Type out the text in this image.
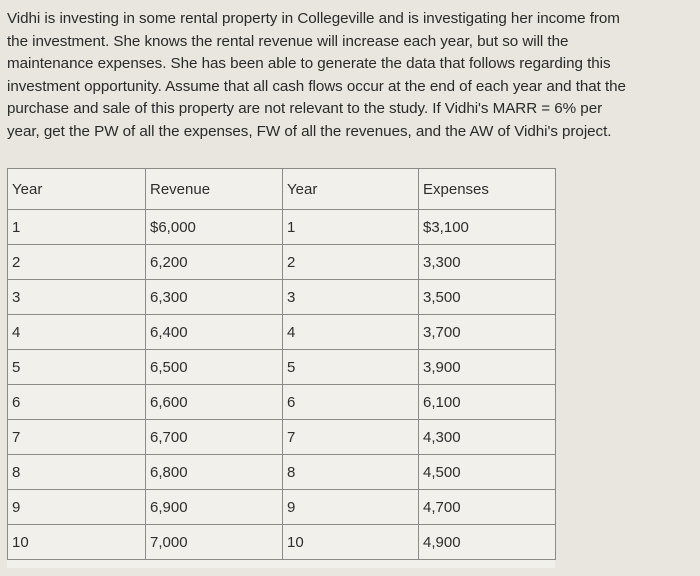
Vidhi is investing in some rental property in Collegeville and is investigating her income from
the investment. She knows the rental revenue will increase each year, but so will the
maintenance expenses. She has been able to generate the data that follows regarding this
investment opportunity. Assume that all cash flows occur at the end of each year and that the
purchase and sale of this property are not relevant to the study. If Vidhi's MARR = 6% per
year, get the PW of all the expenses, FW of all the revenues, and the AW of Vidhi's project.
Year	Revenue	Year	Expenses
1	$6,000	1	$3,100
2	6,200	2	3,300
3	6,300	3	3,500
4	6,400	4	3,700
5	6,500	5	3,900
6	6,600	6	6,100
7	6,700	7	4,300
8	6,800	8	4,500
9	6,900	9	4,700
10	7,000	10	4,900
